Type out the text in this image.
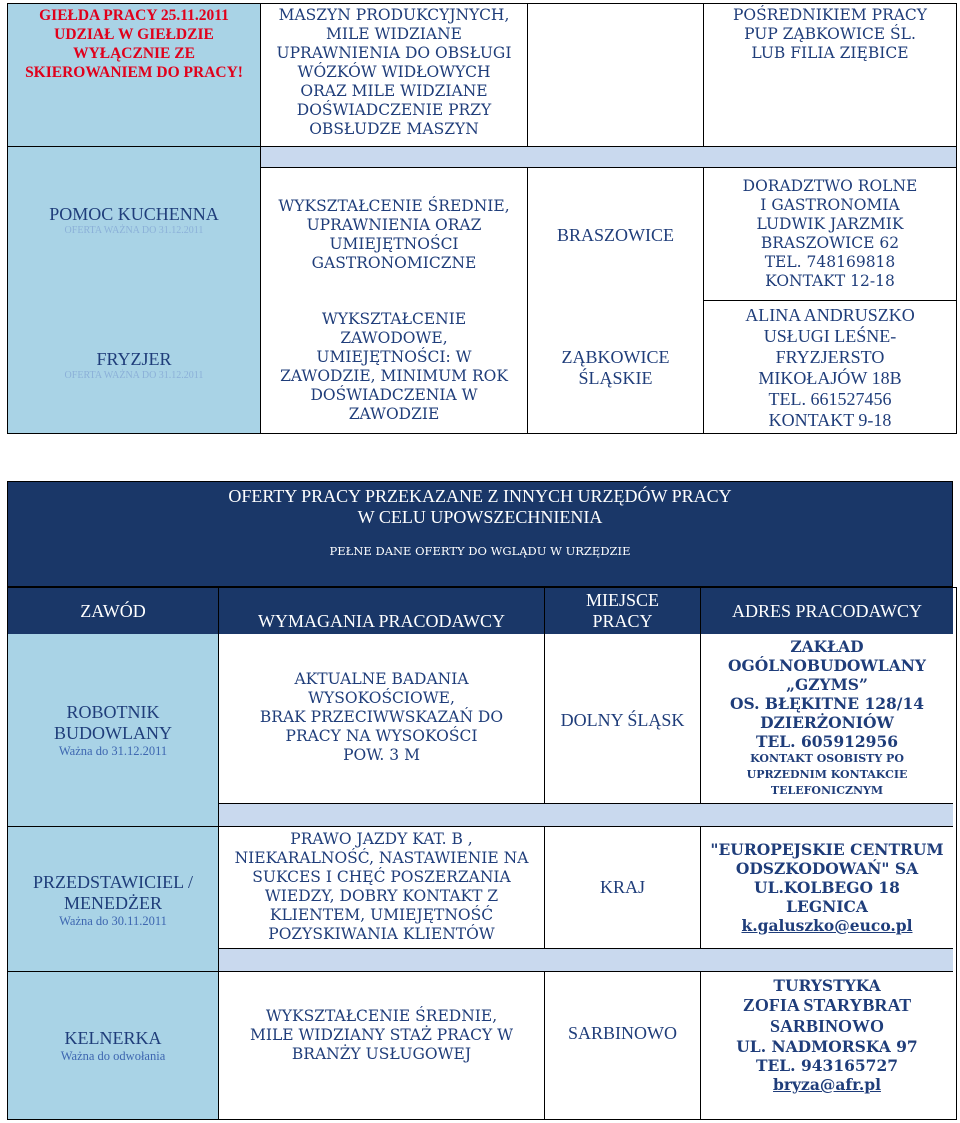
GIEŁDA PRACY 25.11.2011
UDZIAŁ W GIEŁDZIE
WYŁĄCZNIE ZE
SKIEROWANIEM DO PRACY!
MASZYN PRODUKCYJNYCH,
MILE WIDZIANE
UPRAWNIENIA DO OBSŁUGI
WÓZKÓW WIDŁOWYCH
ORAZ MILE WIDZIANE
DOŚWIADCZENIE PRZY
OBSŁUDZE MASZYN
POŚREDNIKIEM PRACY
PUP ZĄBKOWICE ŚL.
LUB FILIA ZIĘBICE
POMOC KUCHENNA
OFERTA WAŻNA DO 31.12.2011
WYKSZTAŁCENIE ŚREDNIE,
UPRAWNIENIA ORAZ
UMIEJĘTNOŚCI
GASTRONOMICZNE
BRASZOWICE
DORADZTWO ROLNE
I GASTRONOMIA
LUDWIK JARZMIK
BRASZOWICE 62
TEL. 748169818
KONTAKT 12-18
FRYZJER
OFERTA WAŻNA DO 31.12.2011
WYKSZTAŁCENIE
ZAWODOWE,
UMIEJĘTNOŚCI: W
ZAWODZIE, MINIMUM ROK
DOŚWIADCZENIA W
ZAWODZIE
ZĄBKOWICE ŚLĄSKIE
ALINA ANDRUSZKO
USŁUGI LEŚNE-
FRYZJERSTO
MIKOŁAJÓW 18B
TEL. 661527456
KONTAKT 9-18
OFERTY PRACY PRZEKAZANE Z INNYCH URZĘDÓW PRACY
W CELU UPOWSZECHNIENIA
PEŁNE DANE OFERTY DO WGLĄDU W URZĘDZIE
ZAWÓD
WYMAGANIA PRACODAWCY
MIEJSCE PRACY
ADRES PRACODAWCY
ROBOTNIK
BUDOWLANY
Ważna do 31.12.2011
AKTUALNE BADANIA
WYSOKOŚCIOWE,
BRAK PRZECIWWSKAZAŃ DO
PRACY NA WYSOKOŚCI
POW. 3 M
DOLNY ŚLĄSK
ZAKŁAD
OGÓLNOBUDOWLANY
„GZYMS”
OS. BŁĘKITNE 128/14
DZIERŻONIÓW
TEL. 605912956
KONTAKT OSOBISTY PO
UPRZEDNIM KONTAKCIE
TELEFONICZNYM
PRZEDSTAWICIEL /
MENEDŻER
Ważna do 30.11.2011
PRAWO JAZDY KAT. B ,
NIEKARALNOŚĆ, NASTAWIENIE NA
SUKCES I CHĘĆ POSZERZANIA
WIEDZY, DOBRY KONTAKT Z
KLIENTEM, UMIEJĘTNOŚĆ
POZYSKIWANIA KLIENTÓW
KRAJ
"EUROPEJSKIE CENTRUM
ODSZKODOWAŃ" SA
UL.KOLBEGO 18
LEGNICA
k.galuszko@euco.pl
KELNERKA
Ważna do odwołania
WYKSZTAŁCENIE ŚREDNIE,
MILE WIDZIANY STAŻ PRACY W
BRANŻY USŁUGOWEJ
SARBINOWO
TURYSTYKA
ZOFIA STARYBRAT
SARBINOWO
UL. NADMORSKA 97
TEL. 943165727
bryza@afr.pl
